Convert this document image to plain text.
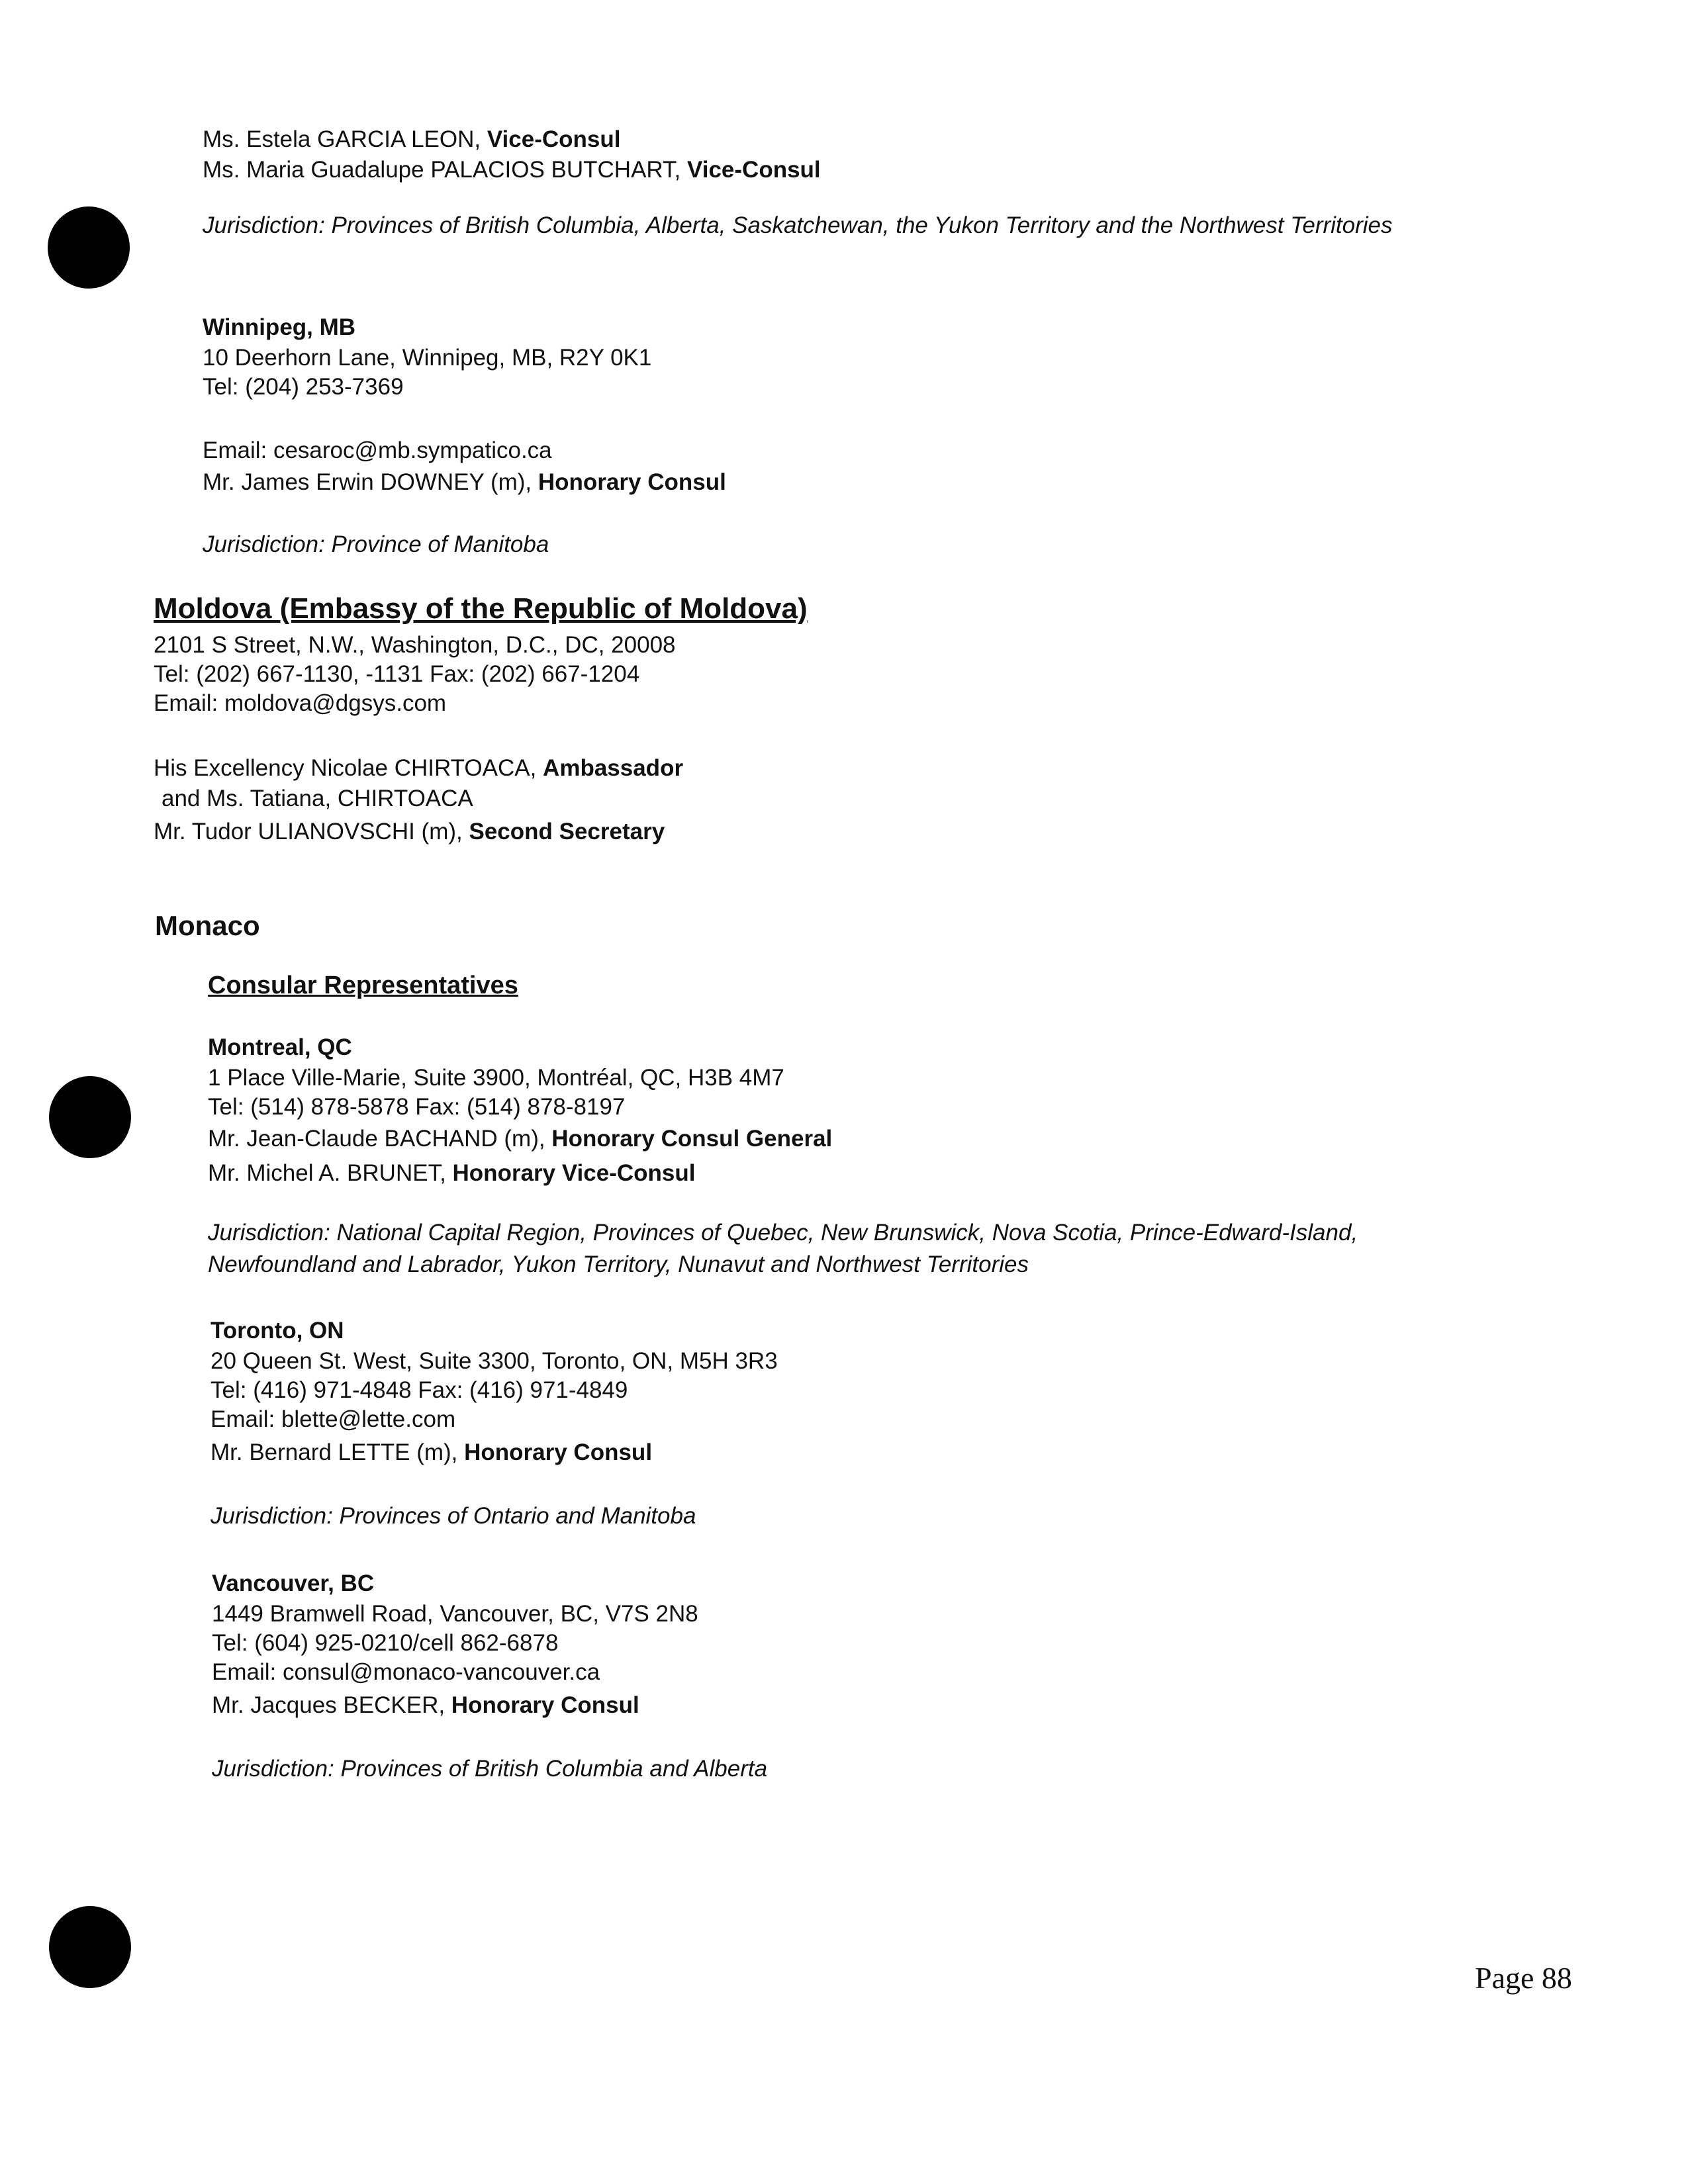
Ms. Estela GARCIA LEON, Vice-Consul
Ms. Maria Guadalupe PALACIOS BUTCHART, Vice-Consul
Jurisdiction: Provinces of British Columbia, Alberta, Saskatchewan, the Yukon Territory and the Northwest Territories
Winnipeg, MB
10 Deerhorn Lane, Winnipeg, MB, R2Y 0K1
Tel: (204) 253-7369
Email: cesaroc@mb.sympatico.ca
Mr. James Erwin DOWNEY (m), Honorary Consul
Jurisdiction: Province of Manitoba
Moldova (Embassy of the Republic of Moldova)
2101 S Street, N.W., Washington, D.C., DC, 20008
Tel: (202) 667-1130, -1131 Fax: (202) 667-1204
Email: moldova@dgsys.com
His Excellency Nicolae CHIRTOACA, Ambassador
and Ms. Tatiana, CHIRTOACA
Mr. Tudor ULIANOVSCHI (m), Second Secretary
Monaco
Consular Representatives
Montreal, QC
1 Place Ville-Marie, Suite 3900, Montréal, QC, H3B 4M7
Tel: (514) 878-5878 Fax: (514) 878-8197
Mr. Jean-Claude BACHAND (m), Honorary Consul General
Mr. Michel A. BRUNET, Honorary Vice-Consul
Jurisdiction: National Capital Region, Provinces of Quebec, New Brunswick, Nova Scotia, Prince-Edward-Island,
Newfoundland and Labrador, Yukon Territory, Nunavut and Northwest Territories
Toronto, ON
20 Queen St. West, Suite 3300, Toronto, ON, M5H 3R3
Tel: (416) 971-4848 Fax: (416) 971-4849
Email: blette@lette.com
Mr. Bernard LETTE (m), Honorary Consul
Jurisdiction: Provinces of Ontario and Manitoba
Vancouver, BC
1449 Bramwell Road, Vancouver, BC, V7S 2N8
Tel: (604) 925-0210/cell 862-6878
Email: consul@monaco-vancouver.ca
Mr. Jacques BECKER, Honorary Consul
Jurisdiction: Provinces of British Columbia and Alberta
Page 88
